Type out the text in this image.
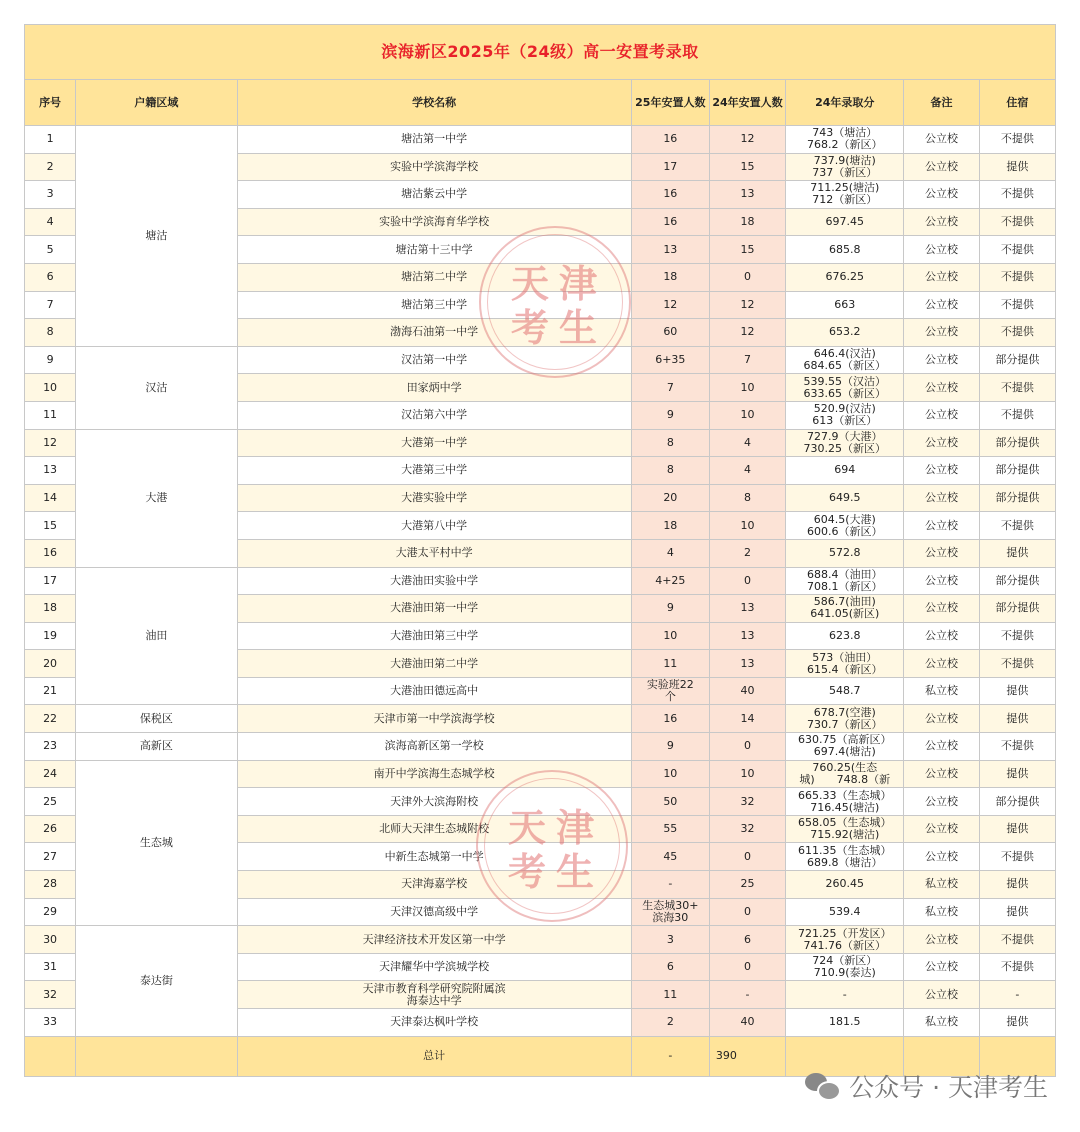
滨海新区2025年（24级）高一安置考录取							
序号	户籍区域	学校名称	25年安置人数	24年安置人数	24年录取分	备注	住宿
1	塘沽	塘沽第一中学	16	12	743（塘沽）
768.2（新区）	公立校	不提供
2		实验中学滨海学校	17	15	737.9(塘沽)
737（新区）	公立校	提供
3		塘沽紫云中学	16	13	711.25(塘沽)
712（新区）	公立校	不提供
4		实验中学滨海育华学校	16	18	697.45	公立校	不提供
5		塘沽第十三中学	13	15	685.8	公立校	不提供
6		塘沽第二中学	18	0	676.25	公立校	不提供
7		塘沽第三中学	12	12	663	公立校	不提供
8		渤海石油第一中学	60	12	653.2	公立校	不提供
9	汉沽	汉沽第一中学	6+35	7	646.4(汉沽)
684.65（新区）	公立校	部分提供
10		田家炳中学	7	10	539.55（汉沽）
633.65（新区）	公立校	不提供
11		汉沽第六中学	9	10	520.9(汉沽)
613（新区）	公立校	不提供
12	大港	大港第一中学	8	4	727.9（大港）
730.25（新区）	公立校	部分提供
13		大港第三中学	8	4	694	公立校	部分提供
14		大港实验中学	20	8	649.5	公立校	部分提供
15		大港第八中学	18	10	604.5(大港)
600.6（新区）	公立校	不提供
16		大港太平村中学	4	2	572.8	公立校	提供
17	油田	大港油田实验中学	4+25	0	688.4（油田）
708.1（新区）	公立校	部分提供
18		大港油田第一中学	9	13	586.7(油田)
641.05(新区)	公立校	部分提供
19		大港油田第三中学	10	13	623.8	公立校	不提供
20		大港油田第二中学	11	13	573（油田）
615.4（新区）	公立校	不提供
21		大港油田德远高中	实验班22
个	40	548.7	私立校	提供
22	保税区	天津市第一中学滨海学校	16	14	678.7(空港)
730.7（新区）	公立校	提供
23	高新区	滨海高新区第一学校	9	0	630.75（高新区）
697.4(塘沽)	公立校	不提供
24	生态城	南开中学滨海生态城学校	10	10	760.25(生态
城)　　748.8（新	公立校	提供
25		天津外大滨海附校	50	32	665.33（生态城）
716.45(塘沽)	公立校	部分提供
26		北师大天津生态城附校	55	32	658.05（生态城）
715.92(塘沽)	公立校	提供
27		中新生态城第一中学	45	0	611.35（生态城）
689.8（塘沽）	公立校	不提供
28		天津海嘉学校	-	25	260.45	私立校	提供
29		天津汉德高级中学	生态城30+
滨海30	0	539.4	私立校	提供
30	泰达街	天津经济技术开发区第一中学	3	6	721.25（开发区）
741.76（新区）	公立校	不提供
31		天津耀华中学滨城学校	6	0	724（新区）
710.9(泰达)	公立校	不提供
32		天津市教育科学研究院附属滨
海泰达中学	11	-	-	公立校	-
33		天津泰达枫叶学校	2	40	181.5	私立校	提供
		总计	-	390			
天津考生
天津考生
公众号 · 天津考生
